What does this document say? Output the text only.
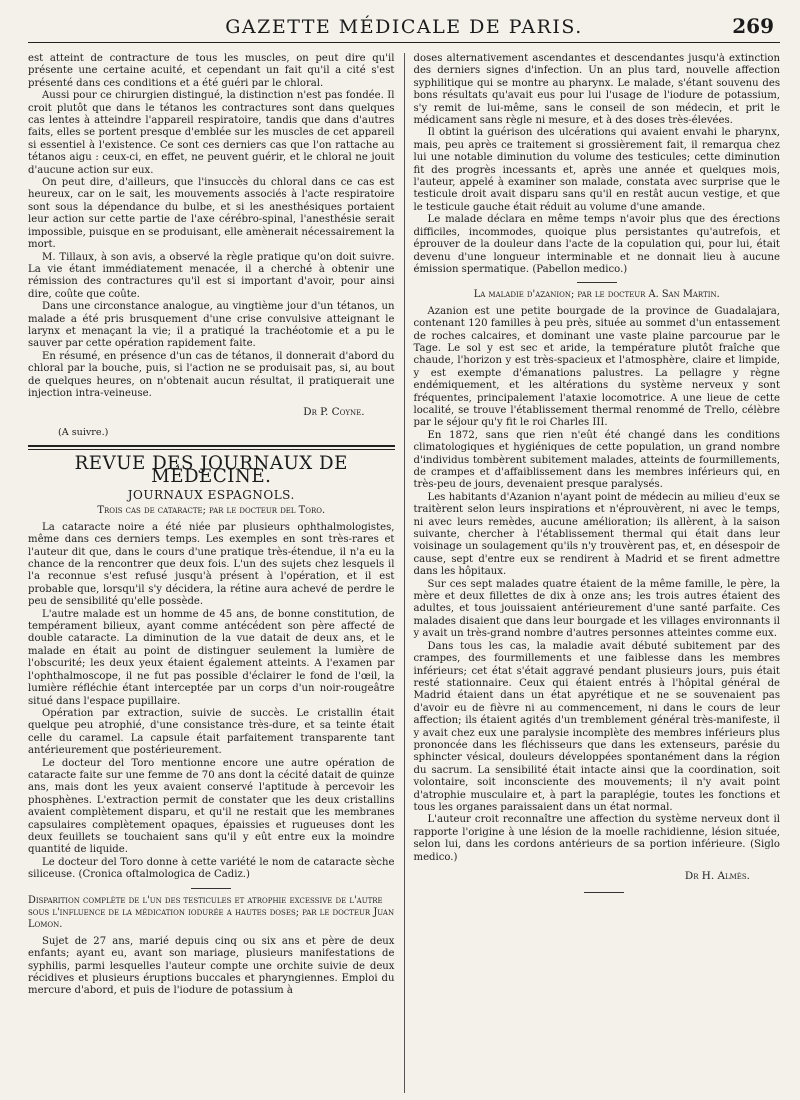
GAZETTE MÉDICALE DE PARIS.	269

est atteint de contracture de tous les muscles, on peut dire qu'il présente une certaine acuité, et cependant un fait qu'il a cité s'est présenté dans ces conditions et a été guéri par le chloral.

Aussi pour ce chirurgien distingué, la distinction n'est pas fondée. Il croit plutôt que dans le tétanos les contractures sont dans quelques cas lentes à atteindre l'appareil respiratoire, tandis que dans d'autres faits, elles se portent presque d'emblée sur les muscles de cet appareil si essentiel à l'existence. Ce sont ces derniers cas que l'on rattache au tétanos aigu : ceux-ci, en effet, ne peuvent guérir, et le chloral ne jouit d'aucune action sur eux.

On peut dire, d'ailleurs, que l'insuccès du chloral dans ce cas est heureux, car on le sait, les mouvements associés à l'acte respiratoire sont sous la dépendance du bulbe, et si les anesthésiques portaient leur action sur cette partie de l'axe cérébro-spinal, l'anesthésie serait impossible, puisque en se produisant, elle amènerait nécessairement la mort.

M. Tillaux, à son avis, a observé la règle pratique qu'on doit suivre. La vie étant immédiatement menacée, il a cherché à obtenir une rémission des contractures qu'il est si important d'avoir, pour ainsi dire, coûte que coûte.

Dans une circonstance analogue, au vingtième jour d'un tétanos, un malade a été pris brusquement d'une crise convulsive atteignant le larynx et menaçant la vie; il a pratiqué la trachéotomie et a pu le sauver par cette opération rapidement faite.

En résumé, en présence d'un cas de tétanos, il donnerait d'abord du chloral par la bouche, puis, si l'action ne se produisait pas, si, au bout de quelques heures, on n'obtenait aucun résultat, il pratiquerait une injection intra-veineuse.

Dr P. Coyne.
(A suivre.)
REVUE DES JOURNAUX DE MÉDECINE.
JOURNAUX ESPAGNOLS.
Trois cas de cataracte; par le docteur del Toro.

La cataracte noire a été niée par plusieurs ophthalmologistes, même dans ces derniers temps. Les exemples en sont très-rares et l'auteur dit que, dans le cours d'une pratique très-étendue, il n'a eu la chance de la rencontrer que deux fois. L'un des sujets chez lesquels il l'a reconnue s'est refusé jusqu'à présent à l'opération, et il est probable que, lorsqu'il s'y décidera, la rétine aura achevé de perdre le peu de sensibilité qu'elle possède.

L'autre malade est un homme de 45 ans, de bonne constitution, de tempérament bilieux, ayant comme antécédent son père affecté de double cataracte. La diminution de la vue datait de deux ans, et le malade en était au point de distinguer seulement la lumière de l'obscurité; les deux yeux étaient également atteints. A l'examen par l'ophthalmoscope, il ne fut pas possible d'éclairer le fond de l'œil, la lumière réfléchie étant interceptée par un corps d'un noir-rougeâtre situé dans l'espace pupillaire.

Opération par extraction, suivie de succès. Le cristallin était quelque peu atrophié, d'une consistance très-dure, et sa teinte était celle du caramel. La capsule était parfaitement transparente tant antérieurement que postérieurement.

Le docteur del Toro mentionne encore une autre opération de cataracte faite sur une femme de 70 ans dont la cécité datait de quinze ans, mais dont les yeux avaient conservé l'aptitude à percevoir les phosphènes. L'extraction permit de constater que les deux cristallins avaient complètement disparu, et qu'il ne restait que les membranes capsulaires complètement opaques, épaissies et rugueuses dont les deux feuillets se touchaient sans qu'il y eût entre eux la moindre quantité de liquide.

Le docteur del Toro donne à cette variété le nom de cataracte sèche siliceuse. (Cronica oftalmologica de Cadiz.)

Disparition complète de l'un des testicules et atrophie excessive de l'autre sous l'influence de la médication iodurée a hautes doses; par le docteur Juan Lomon.

Sujet de 27 ans, marié depuis cinq ou six ans et père de deux enfants; ayant eu, avant son mariage, plusieurs manifestations de syphilis, parmi lesquelles l'auteur compte une orchite suivie de deux récidives et plusieurs éruptions buccales et pharyngiennes. Emploi du mercure d'abord, et puis de l'iodure de potassium à

doses alternativement ascendantes et descendantes jusqu'à extinction des derniers signes d'infection. Un an plus tard, nouvelle affection syphilitique qui se montre au pharynx. Le malade, s'étant souvenu des bons résultats qu'avait eus pour lui l'usage de l'iodure de potassium, s'y remit de lui-même, sans le conseil de son médecin, et prit le médicament sans règle ni mesure, et à des doses très-élevées.

Il obtint la guérison des ulcérations qui avaient envahi le pharynx, mais, peu après ce traitement si grossièrement fait, il remarqua chez lui une notable diminution du volume des testicules; cette diminution fit des progrès incessants et, après une année et quelques mois, l'auteur, appelé à examiner son malade, constata avec surprise que le testicule droit avait disparu sans qu'il en restât aucun vestige, et que le testicule gauche était réduit au volume d'une amande.

Le malade déclara en même temps n'avoir plus que des érections difficiles, incommodes, quoique plus persistantes qu'autrefois, et éprouver de la douleur dans l'acte de la copulation qui, pour lui, était devenu d'une longueur interminable et ne donnait lieu à aucune émission spermatique. (Pabellon medico.)

La maladie d'azanion; par le docteur A. San Martin.

Azanion est une petite bourgade de la province de Guadalajara, contenant 120 familles à peu près, située au sommet d'un entassement de roches calcaires, et dominant une vaste plaine parcourue par le Tage. Le sol y est sec et aride, la température plutôt fraîche que chaude, l'horizon y est très-spacieux et l'atmosphère, claire et limpide, y est exempte d'émanations palustres. La pellagre y règne endémiquement, et les altérations du système nerveux y sont fréquentes, principalement l'ataxie locomotrice. A une lieue de cette localité, se trouve l'établissement thermal renommé de Trello, célèbre par le séjour qu'y fit le roi Charles III.

En 1872, sans que rien n'eût été changé dans les conditions climatologiques et hygiéniques de cette population, un grand nombre d'individus tombèrent subitement malades, atteints de fourmillements, de crampes et d'affaiblissement dans les membres inférieurs qui, en très-peu de jours, devenaient presque paralysés.

Les habitants d'Azanion n'ayant point de médecin au milieu d'eux se traitèrent selon leurs inspirations et n'éprouvèrent, ni avec le temps, ni avec leurs remèdes, aucune amélioration; ils allèrent, à la saison suivante, chercher à l'établissement thermal qui était dans leur voisinage un soulagement qu'ils n'y trouvèrent pas, et, en désespoir de cause, sept d'entre eux se rendirent à Madrid et se firent admettre dans les hôpitaux.

Sur ces sept malades quatre étaient de la même famille, le père, la mère et deux fillettes de dix à onze ans; les trois autres étaient des adultes, et tous jouissaient antérieurement d'une santé parfaite. Ces malades disaient que dans leur bourgade et les villages environnants il y avait un très-grand nombre d'autres personnes atteintes comme eux.

Dans tous les cas, la maladie avait débuté subitement par des crampes, des fourmillements et une faiblesse dans les membres inférieurs; cet état s'était aggravé pendant plusieurs jours, puis était resté stationnaire. Ceux qui étaient entrés à l'hôpital général de Madrid étaient dans un état apyrétique et ne se souvenaient pas d'avoir eu de fièvre ni au commencement, ni dans le cours de leur affection; ils étaient agités d'un tremblement général très-manifeste, il y avait chez eux une paralysie incomplète des membres inférieurs plus prononcée dans les fléchisseurs que dans les extenseurs, parésie du sphincter vésical, douleurs développées spontanément dans la région du sacrum. La sensibilité était intacte ainsi que la coordination, soit volontaire, soit inconsciente des mouvements; il n'y avait point d'atrophie musculaire et, à part la paraplégie, toutes les fonctions et tous les organes paraissaient dans un état normal.

L'auteur croit reconnaître une affection du système nerveux dont il rapporte l'origine à une lésion de la moelle rachidienne, lésion située, selon lui, dans les cordons antérieurs de sa portion inférieure. (Siglo medico.)

Dr H. Almès.
